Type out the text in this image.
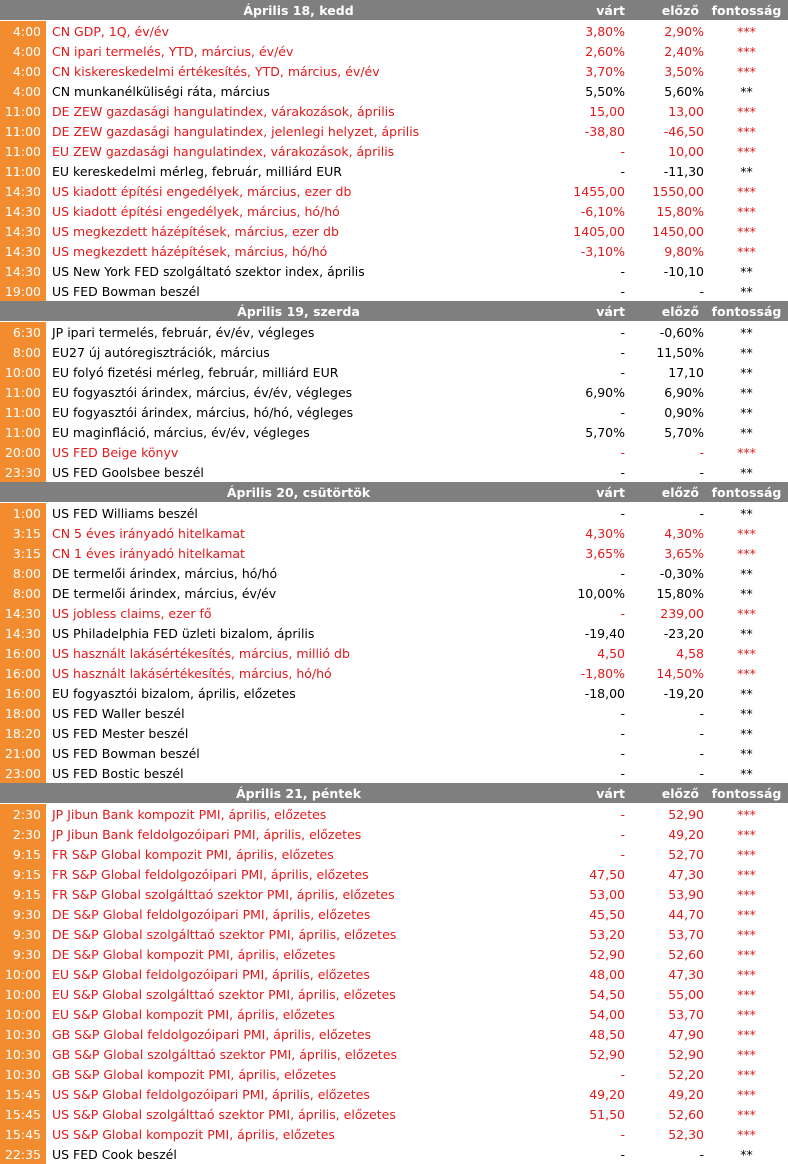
Április 18, kedd	várt	előző	fontosság
4:00 CN GDP, 1Q, év/év	3,80%	2,90%	***
4:00 CN ipari termelés, YTD, március, év/év	2,60%	2,40%	***
4:00 CN kiskereskedelmi értékesítés, YTD, március, év/év	3,70%	3,50%	***
4:00 CN munkanélküliségi ráta, március	5,50%	5,60%	**
11:00 DE ZEW gazdasági hangulatindex, várakozások, április	15,00	13,00	***
11:00 DE ZEW gazdasági hangulatindex, jelenlegi helyzet, április	-38,80	-46,50	***
11:00 EU ZEW gazdasági hangulatindex, várakozások, április	-	10,00	***
11:00 EU kereskedelmi mérleg, február, milliárd EUR	-	-11,30	**
14:30 US kiadott építési engedélyek, március, ezer db	1455,00	1550,00	***
14:30 US kiadott építési engedélyek, március, hó/hó	-6,10%	15,80%	***
14:30 US megkezdett házépítések, március, ezer db	1405,00	1450,00	***
14:30 US megkezdett házépítések, március, hó/hó	-3,10%	9,80%	***
14:30 US New York FED szolgáltató szektor index, április	-	-10,10	**
19:00 US FED Bowman beszél	-	-	**
Április 19, szerda	várt	előző	fontosság
6:30 JP ipari termelés, február, év/év, végleges	-	-0,60%	**
8:00 EU27 új autóregisztrációk, március	-	11,50%	**
10:00 EU folyó fizetési mérleg, február, milliárd EUR	-	17,10	**
11:00 EU fogyasztói árindex, március, év/év, végleges	6,90%	6,90%	**
11:00 EU fogyasztói árindex, március, hó/hó, végleges	-	0,90%	**
11:00 EU maginfláció, március, év/év, végleges	5,70%	5,70%	**
20:00 US FED Beige könyv	-	-	***
23:30 US FED Goolsbee beszél	-	-	**
Április 20, csütörtök	várt	előző	fontosság
1:00 US FED Williams beszél	-	-	**
3:15 CN 5 éves irányadó hitelkamat	4,30%	4,30%	***
3:15 CN 1 éves irányadó hitelkamat	3,65%	3,65%	***
8:00 DE termelői árindex, március, hó/hó	-	-0,30%	**
8:00 DE termelői árindex, március, év/év	10,00%	15,80%	**
14:30 US jobless claims, ezer fő	-	239,00	***
14:30 US Philadelphia FED üzleti bizalom, április	-19,40	-23,20	**
16:00 US használt lakásértékesítés, március, millió db	4,50	4,58	***
16:00 US használt lakásértékesítés, március, hó/hó	-1,80%	14,50%	***
16:00 EU fogyasztói bizalom, április, előzetes	-18,00	-19,20	**
18:00 US FED Waller beszél	-	-	**
18:20 US FED Mester beszél	-	-	**
21:00 US FED Bowman beszél	-	-	**
23:00 US FED Bostic beszél	-	-	**
Április 21, péntek	várt	előző	fontosság
2:30 JP Jibun Bank kompozit PMI, április, előzetes	-	52,90	***
2:30 JP Jibun Bank feldolgozóipari PMI, április, előzetes	-	49,20	***
9:15 FR S&P Global kompozit PMI, április, előzetes	-	52,70	***
9:15 FR S&P Global feldolgozóipari PMI, április, előzetes	47,50	47,30	***
9:15 FR S&P Global szolgálttaó szektor PMI, április, előzetes	53,00	53,90	***
9:30 DE S&P Global feldolgozóipari PMI, április, előzetes	45,50	44,70	***
9:30 DE S&P Global szolgálttaó szektor PMI, április, előzetes	53,20	53,70	***
9:30 DE S&P Global kompozit PMI, április, előzetes	52,90	52,60	***
10:00 EU S&P Global feldolgozóipari PMI, április, előzetes	48,00	47,30	***
10:00 EU S&P Global szolgálttaó szektor PMI, április, előzetes	54,50	55,00	***
10:00 EU S&P Global kompozit PMI, április, előzetes	54,00	53,70	***
10:30 GB S&P Global feldolgozóipari PMI, április, előzetes	48,50	47,90	***
10:30 GB S&P Global szolgálttaó szektor PMI, április, előzetes	52,90	52,90	***
10:30 GB S&P Global kompozit PMI, április, előzetes	-	52,20	***
15:45 US S&P Global feldolgozóipari PMI, április, előzetes	49,20	49,20	***
15:45 US S&P Global szolgálttaó szektor PMI, április, előzetes	51,50	52,60	***
15:45 US S&P Global kompozit PMI, április, előzetes	-	52,30	***
22:35 US FED Cook beszél	-	-	**
